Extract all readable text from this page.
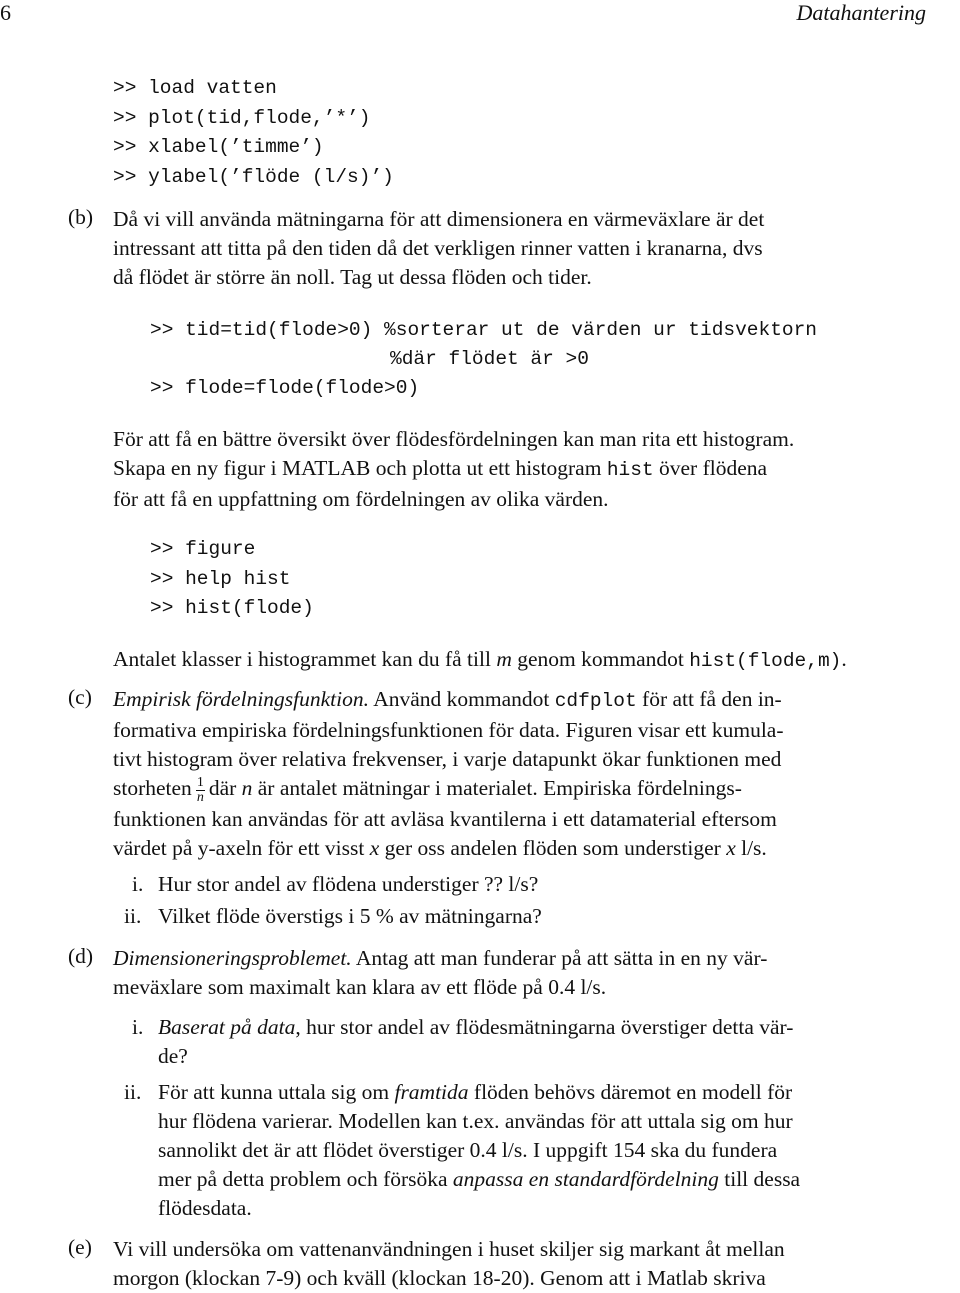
6	Datahantering
>> load vatten
>> plot(tid,flode,’*’)
>> xlabel(’timme’)
>> ylabel(’flöde (l/s)’)
(b) Då vi vill använda mätningarna för att dimensionera en värmeväxlare är det
intressant att titta på den tiden då det verkligen rinner vatten i kranarna, dvs
då flödet är större än noll. Tag ut dessa flöden och tider.
>> tid=tid(flode>0) %sorterar ut de värden ur tidsvektorn
%där flödet är >0
>> flode=flode(flode>0)
För att få en bättre översikt över flödesfördelningen kan man rita ett histogram.
Skapa en ny figur i MATLAB och plotta ut ett histogram hist över flödena
för att få en uppfattning om fördelningen av olika värden.
>> figure
>> help hist
>> hist(flode)
Antalet klasser i histogrammet kan du få till m genom kommandot hist(flode,m).
(c) Empirisk fördelningsfunktion. Använd kommandot cdfplot för att få den in-
formativa empiriska fördelningsfunktionen för data. Figuren visar ett kumula-
tivt histogram över relativa frekvenser, i varje datapunkt ökar funktionen med
storheten $\frac{1}{n}$ där n är antalet mätningar i materialet. Empiriska fördelnings-
funktionen kan användas för att avläsa kvantilerna i ett datamaterial eftersom
värdet på y-axeln för ett visst x ger oss andelen flöden som understiger x l/s.
i. Hur stor andel av flödena understiger ?? l/s?
ii. Vilket flöde överstigs i 5 % av mätningarna?
(d) Dimensioneringsproblemet. Antag att man funderar på att sätta in en ny vär-
meväxlare som maximalt kan klara av ett flöde på 0.4 l/s.
i. Baserat på data, hur stor andel av flödesmätningarna överstiger detta vär-
de?
ii. För att kunna uttala sig om framtida flöden behövs däremot en modell för
hur flödena varierar. Modellen kan t.ex. användas för att uttala sig om hur
sannolikt det är att flödet överstiger 0.4 l/s. I uppgift 154 ska du fundera
mer på detta problem och försöka anpassa en standardfördelning till dessa
flödesdata.
(e) Vi vill undersöka om vattenanvändningen i huset skiljer sig markant åt mellan
morgon (klockan 7-9) och kväll (klockan 18-20). Genom att i Matlab skriva
